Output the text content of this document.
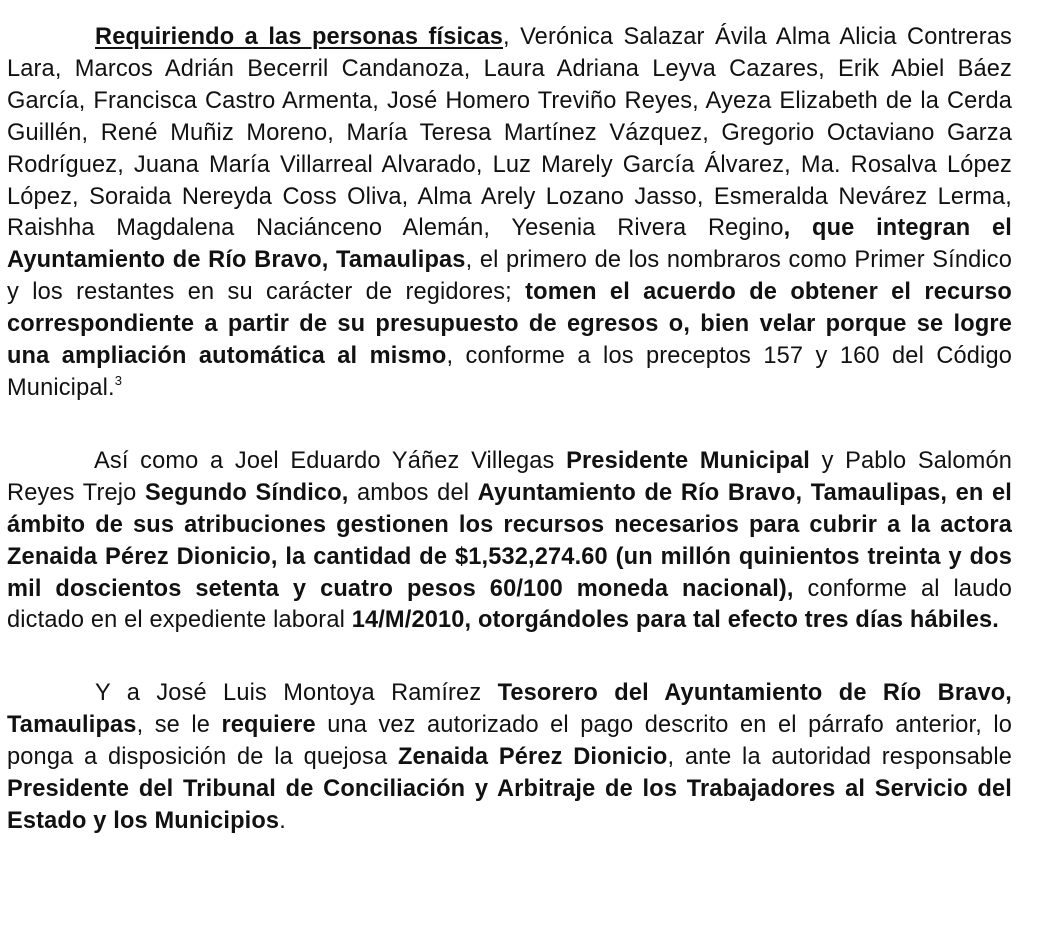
Requiriendo a las personas físicas, Verónica Salazar Ávila Alma Alicia Contreras Lara, Marcos Adrián Becerril Candanoza, Laura Adriana Leyva Cazares, Erik Abiel Báez García, Francisca Castro Armenta, José Homero Treviño Reyes, Ayeza Elizabeth de la Cerda Guillén, René Muñiz Moreno, María Teresa Martínez Vázquez, Gregorio Octaviano Garza Rodríguez, Juana María Villarreal Alvarado, Luz Marely García Álvarez, Ma. Rosalva López López, Soraida Nereyda Coss Oliva, Alma Arely Lozano Jasso, Esmeralda Nevárez Lerma, Raishha Magdalena Naciánceno Alemán, Yesenia Rivera Regino, que integran el Ayuntamiento de Río Bravo, Tamaulipas, el primero de los nombraros como Primer Síndico y los restantes en su carácter de regidores; tomen el acuerdo de obtener el recurso correspondiente a partir de su presupuesto de egresos o, bien velar porque se logre una ampliación automática al mismo, conforme a los preceptos 157 y 160 del Código Municipal.$^3$

Así como a Joel Eduardo Yáñez Villegas Presidente Municipal y Pablo Salomón Reyes Trejo Segundo Síndico, ambos del Ayuntamiento de Río Bravo, Tamaulipas, en el ámbito de sus atribuciones gestionen los recursos necesarios para cubrir a la actora Zenaida Pérez Dionicio, la cantidad de $1,532,274.60 (un millón quinientos treinta y dos mil doscientos setenta y cuatro pesos 60/100 moneda nacional), conforme al laudo dictado en el expediente laboral 14/M/2010, otorgándoles para tal efecto tres días hábiles.

Y a José Luis Montoya Ramírez Tesorero del Ayuntamiento de Río Bravo, Tamaulipas, se le requiere una vez autorizado el pago descrito en el párrafo anterior, lo ponga a disposición de la quejosa Zenaida Pérez Dionicio, ante la autoridad responsable Presidente del Tribunal de Conciliación y Arbitraje de los Trabajadores al Servicio del Estado y los Municipios.
